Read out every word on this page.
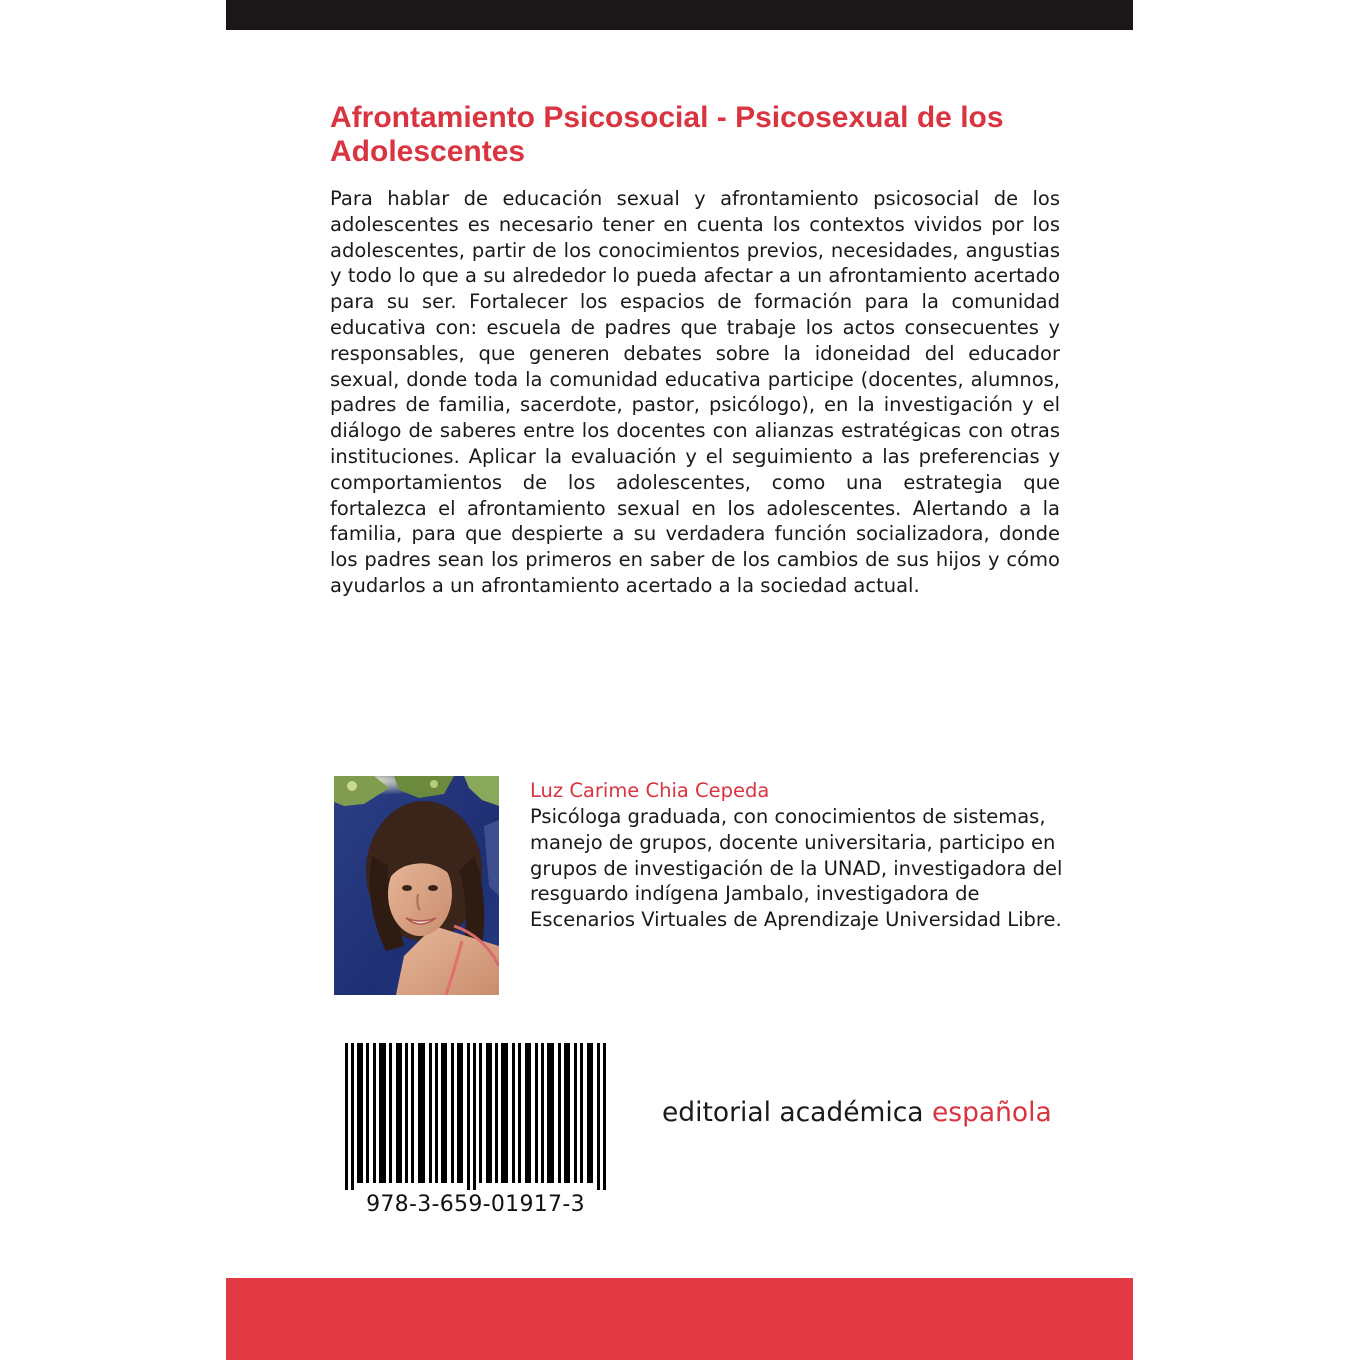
Afrontamiento Psicosocial - Psicosexual de los Adolescentes

Para hablar de educación sexual y afrontamiento psicosocial de los adolescentes es necesario tener en cuenta los contextos vividos por los adolescentes, partir de los conocimientos previos, necesidades, angustias y todo lo que a su alrededor lo pueda afectar a un afrontamiento acertado para su ser. Fortalecer los espacios de formación para la comunidad educativa con: escuela de padres que trabaje los actos consecuentes y responsables, que generen debates sobre la idoneidad del educador sexual, donde toda la comunidad educativa participe (docentes, alumnos, padres de familia, sacerdote, pastor, psicólogo), en la investigación y el diálogo de saberes entre los docentes con alianzas estratégicas con otras instituciones. Aplicar la evaluación y el seguimiento a las preferencias y comportamientos de los adolescentes, como una estrategia que fortalezca el afrontamiento sexual en los adolescentes. Alertando a la familia, para que despierte a su verdadera función socializadora, donde los padres sean los primeros en saber de los cambios de sus hijos y cómo ayudarlos a un afrontamiento acertado a la sociedad actual.

Luz Carime Chia Cepeda

Psicóloga graduada, con conocimientos de sistemas, manejo de grupos, docente universitaria, participo en grupos de investigación de la UNAD, investigadora del resguardo indígena Jambalo, investigadora de Escenarios Virtuales de Aprendizaje Universidad Libre.

978-3-659-01917-3

editorial académica española
